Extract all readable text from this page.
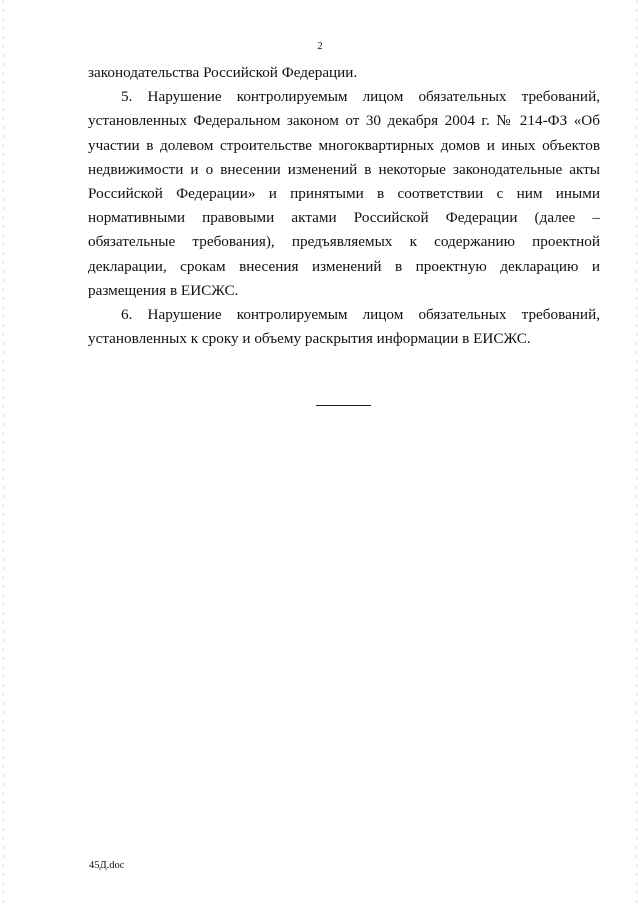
2

законодательства Российской Федерации.

5. Нарушение контролируемым лицом обязательных требований, установленных Федеральном законом от 30 декабря 2004 г. № 214-ФЗ «Об участии в долевом строительстве многоквартирных домов и иных объектов недвижимости и о внесении изменений в некоторые законодательные акты Российской Федерации» и принятыми в соответствии с ним иными нормативными правовыми актами Российской Федерации (далее – обязательные требования), предъявляемых к содержанию проектной декларации, срокам внесения изменений в проектную декларацию и размещения в ЕИСЖС.

6. Нарушение контролируемым лицом обязательных требований, установленных к сроку и объему раскрытия информации в ЕИСЖС.

45Д.doc
